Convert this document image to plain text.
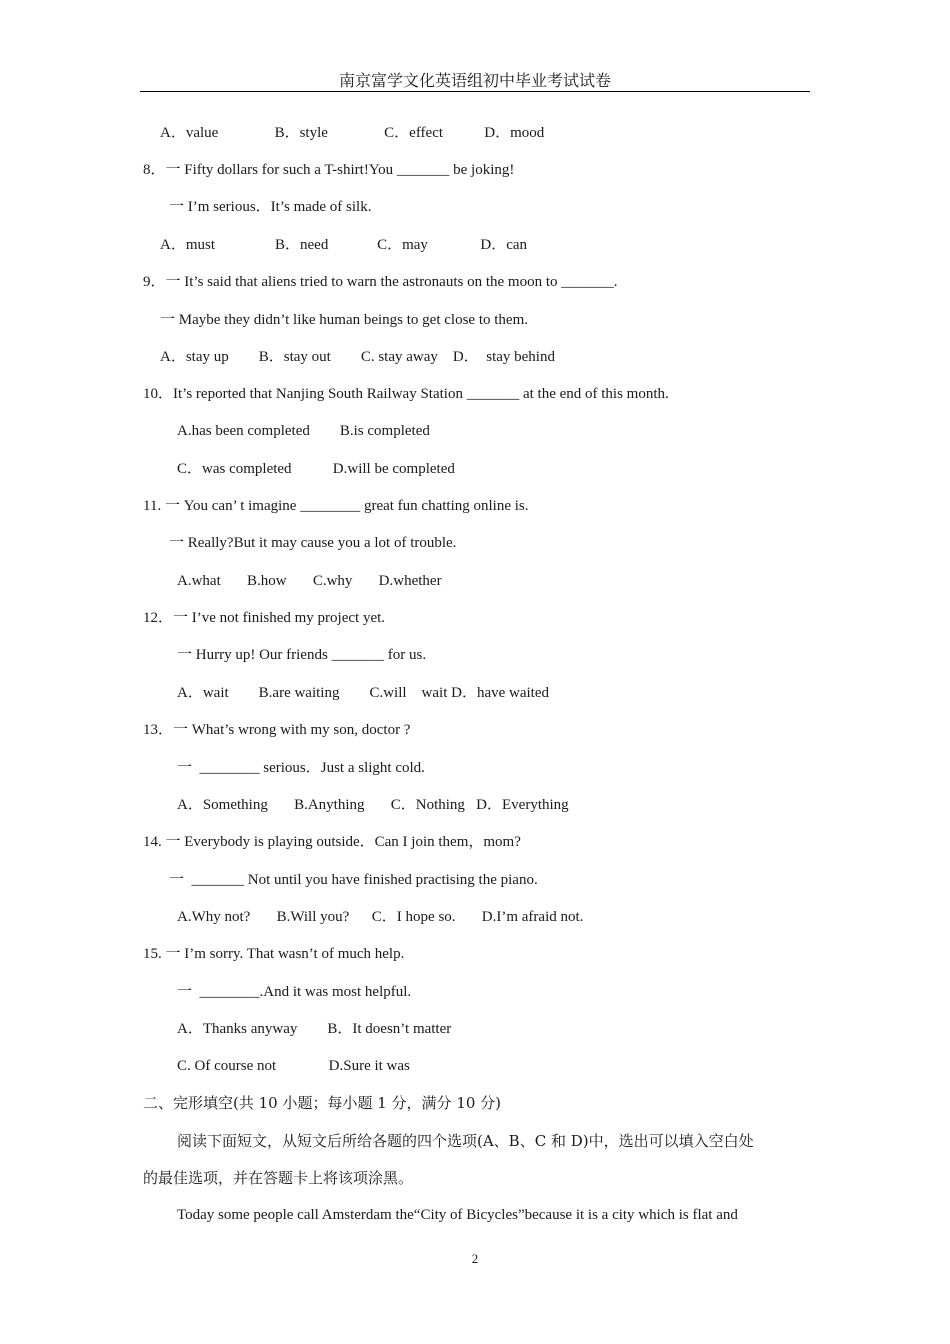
南京富学文化英语组初中毕业考试试卷
A．value               B．style               C．effect           D．mood
8．一 Fifty dollars for such a T-shirt!You _______ be joking!
一 I’m serious．It’s made of silk.
A．must                B．need             C．may              D．can
9．一 It’s said that aliens tried to warn the astronauts on the moon to _______.
一 Maybe they didn’t like human beings to get close to them.
A．stay up        B．stay out        C. stay away    D．  stay behind
10．It’s reported that Nanjing South Railway Station _______ at the end of this month.
A.has been completed        B.is completed
C．was completed           D.will be completed
11. 一 You can’ t imagine ________ great fun chatting online is.
一 Really?But it may cause you a lot of trouble.
A.what       B.how       C.why       D.whether
12．一 I’ve not finished my project yet.
一 Hurry up! Our friends _______ for us.
A．wait        B.are waiting        C.will    wait D．have waited
13．一 What’s wrong with my son, doctor ?
一  ________ serious．Just a slight cold.
A．Something       B.Anything       C．Nothing   D．Everything
14. 一 Everybody is playing outside．Can I join them，mom?
一  _______ Not until you have finished practising the piano.
A.Why not?       B.Will you?      C．I hope so.       D.I’m afraid not.
15. 一 I’m sorry. That wasn’t of much help.
一  ________.And it was most helpful.
A．Thanks anyway        B．It doesn’t matter
C. Of course not              D.Sure it was
二、完形填空(共 10 小题；每小题 1 分，满分 10 分)
阅读下面短文，从短文后所给各题的四个选项(A、B、C 和 D)中，选出可以填入空白处
的最佳选项，并在答题卡上将该项涂黑。
Today some people call Amsterdam the“City of Bicycles”because it is a city which is flat and
2
